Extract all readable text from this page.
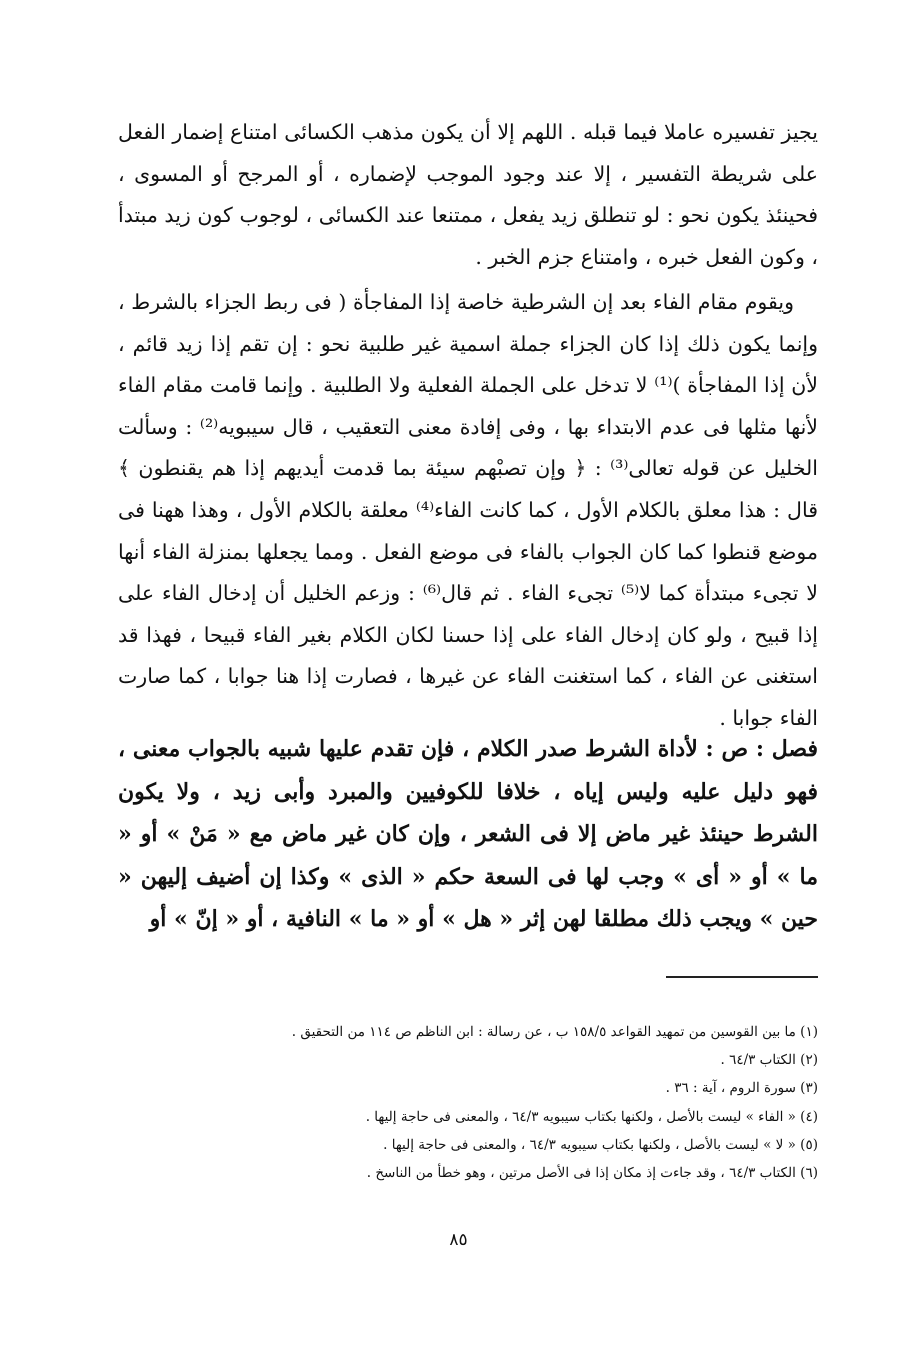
يجيز تفسيره عاملا فيما قبله . اللهم إلا أن يكون مذهب الكسائى امتناع إضمار الفعل على شريطة التفسير ، إلا عند وجود الموجب لإضماره ، أو المرجح أو المسوى ، فحينئذ يكون نحو : لو تنطلق زيد يفعل ، ممتنعا عند الكسائى ، لوجوب كون زيد مبتدأ ، وكون الفعل خبره ، وامتناع جزم الخبر .
ويقوم مقام الفاء بعد إن الشرطية خاصة إذا المفاجأة ( فى ربط الجزاء بالشرط ، وإنما يكون ذلك إذا كان الجزاء جملة اسمية غير طلبية نحو : إن تقم إذا زيد قائم ، لأن إذا المفاجأة )⁽¹⁾ لا تدخل على الجملة الفعلية ولا الطلبية . وإنما قامت مقام الفاء لأنها مثلها فى عدم الابتداء بها ، وفى إفادة معنى التعقيب ، قال سيبويه⁽²⁾ : وسألت الخليل عن قوله تعالى⁽³⁾ : ﴿ وإن تصبْهم سيئة بما قدمت أيديهم إذا هم يقنطون ﴾ قال : هذا معلق بالكلام الأول ، كما كانت الفاء⁽⁴⁾ معلقة بالكلام الأول ، وهذا ههنا فى موضع قنطوا كما كان الجواب بالفاء فى موضع الفعل . ومما يجعلها بمنزلة الفاء أنها لا تجىء مبتدأة كما لا⁽⁵⁾ تجىء الفاء . ثم قال⁽⁶⁾ : وزعم الخليل أن إدخال الفاء على إذا قبيح ، ولو كان إدخال الفاء على إذا حسنا لكان الكلام بغير الفاء قبيحا ، فهذا قد استغنى عن الفاء ، كما استغنت الفاء عن غيرها ، فصارت إذا هنا جوابا ، كما صارت الفاء جوابا .
فصل : ص : لأداة الشرط صدر الكلام ، فإن تقدم عليها شبيه بالجواب معنى ، فهو دليل عليه وليس إياه ، خلافا للكوفيين والمبرد وأبى زيد ، ولا يكون الشرط حينئذ غير ماض إلا فى الشعر ، وإن كان غير ماض مع « مَنْ » أو « ما » أو « أى » وجب لها فى السعة حكم « الذى » وكذا إن أضيف إليهن « حين » ويجب ذلك مطلقا لهن إثر « هل » أو « ما » النافية ، أو « إنّ » أو
(١) ما بين القوسين من تمهيد القواعد ١٥٨/٥ ب ، عن رسالة : ابن الناظم ص ١١٤ من التحقيق .
(٢) الكتاب ٦٤/٣ .
(٣) سورة الروم ، آية : ٣٦ .
(٤) « الفاء » ليست بالأصل ، ولكنها بكتاب سيبويه ٦٤/٣ ، والمعنى فى حاجة إليها .
(٥) « لا » ليست بالأصل ، ولكنها بكتاب سيبويه ٦٤/٣ ، والمعنى فى حاجة إليها .
(٦) الكتاب ٦٤/٣ ، وقد جاءت إذ مكان إذا فى الأصل مرتين ، وهو خطأ من الناسخ .
٨٥
